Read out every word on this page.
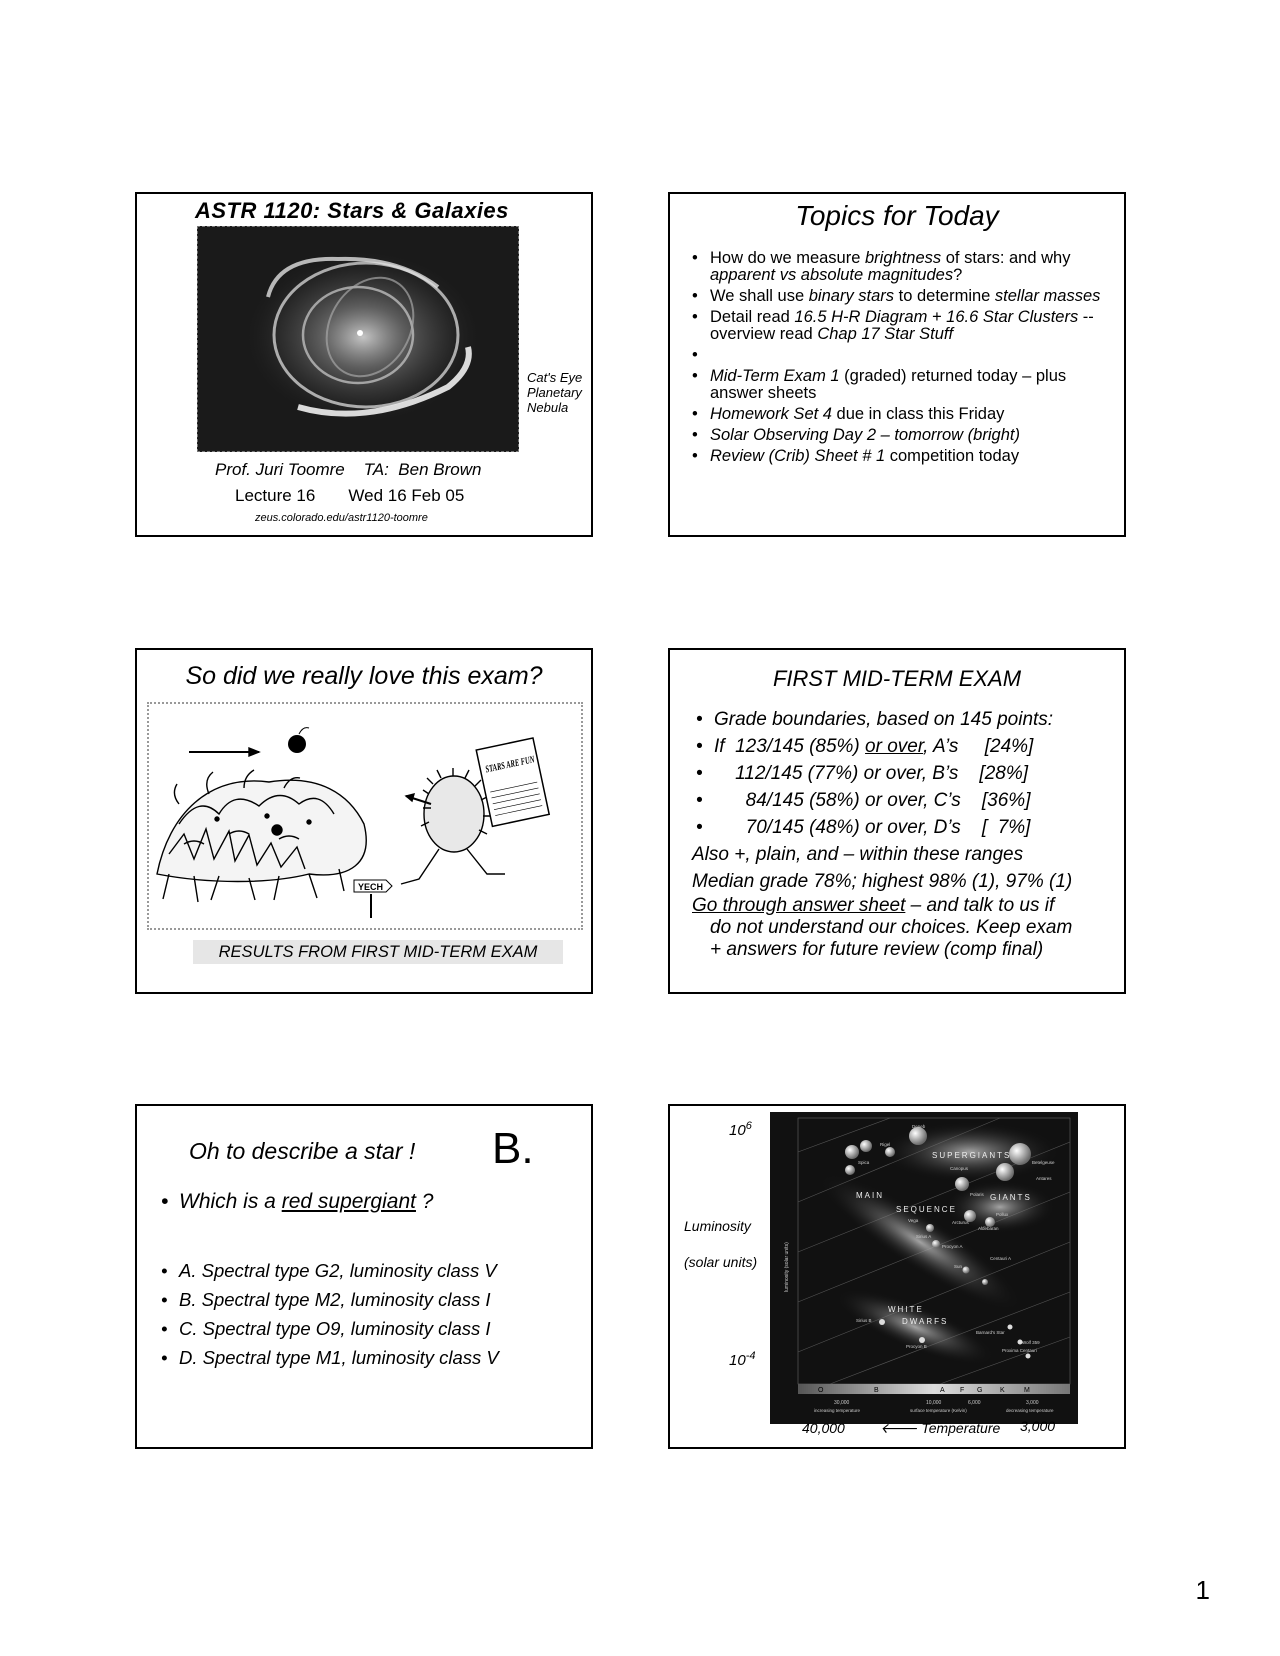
ASTR 1120: Stars & Galaxies
Cat's Eye
Planetary
Nebula
Prof. Juri Toomre    TA:  Ben Brown
Lecture 16       Wed 16 Feb 05
zeus.colorado.edu/astr1120-toomre
Topics for Today
• How do we measure brightness of stars: and why apparent vs absolute magnitudes?
• We shall use binary stars to determine stellar masses
• Detail read 16.5 H-R Diagram + 16.6 Star Clusters -- overview read Chap 17 Star Stuff
•
• Mid-Term Exam 1 (graded) returned today – plus answer sheets
• Homework Set 4 due in class this Friday
• Solar Observing Day 2 – tomorrow (bright)
• Review (Crib) Sheet # 1 competition today
So did we really love this exam?
STARS ARE FUN
YECH
RESULTS FROM FIRST MID-TERM EXAM
FIRST MID-TERM EXAM
• Grade boundaries, based on 145 points:
• If  123/145 (85%) or over, A’s     [24%]
•     112/145 (77%) or over, B’s    [28%]
•       84/145 (58%) or over, C’s    [36%]
•       70/145 (48%) or over, D’s    [  7%]
Also +, plain, and – within these ranges
Median grade 78%; highest 98% (1), 97% (1)
Go through answer sheet – and talk to us if
do not understand our choices. Keep exam
+ answers for future review (comp final)
Oh to describe a star ! B.
• Which is a red supergiant ?
• A. Spectral type G2, luminosity class V
• B. Spectral type M2, luminosity class I
• C. Spectral type O9, luminosity class I
• D. Spectral type M1, luminosity class V
$10^6$
Luminosity
(solar units)
$10^{-4}$
SUPERGIANTS
GIANTS
MAIN
SEQUENCE
WHITE
DWARFS
Deneb
Betelgeuse
Antares
Polaris
Canopus
Rigel
Spica
Aldebaran
Arcturus
Pollux
Vega
Sirius A
Procyon A
Sun
Centauri A
Sirius B
Procyon B
Barnard's Star
Proxima Centauri
Wolf 359
luminosity (solar units)
O	B	A F G	K	M
30,000	10,000	6,000	3,000
increasing temperature	surface temperature (Kelvin)	decreasing temperature
40,000	🡐 Temperature 3,000
1
